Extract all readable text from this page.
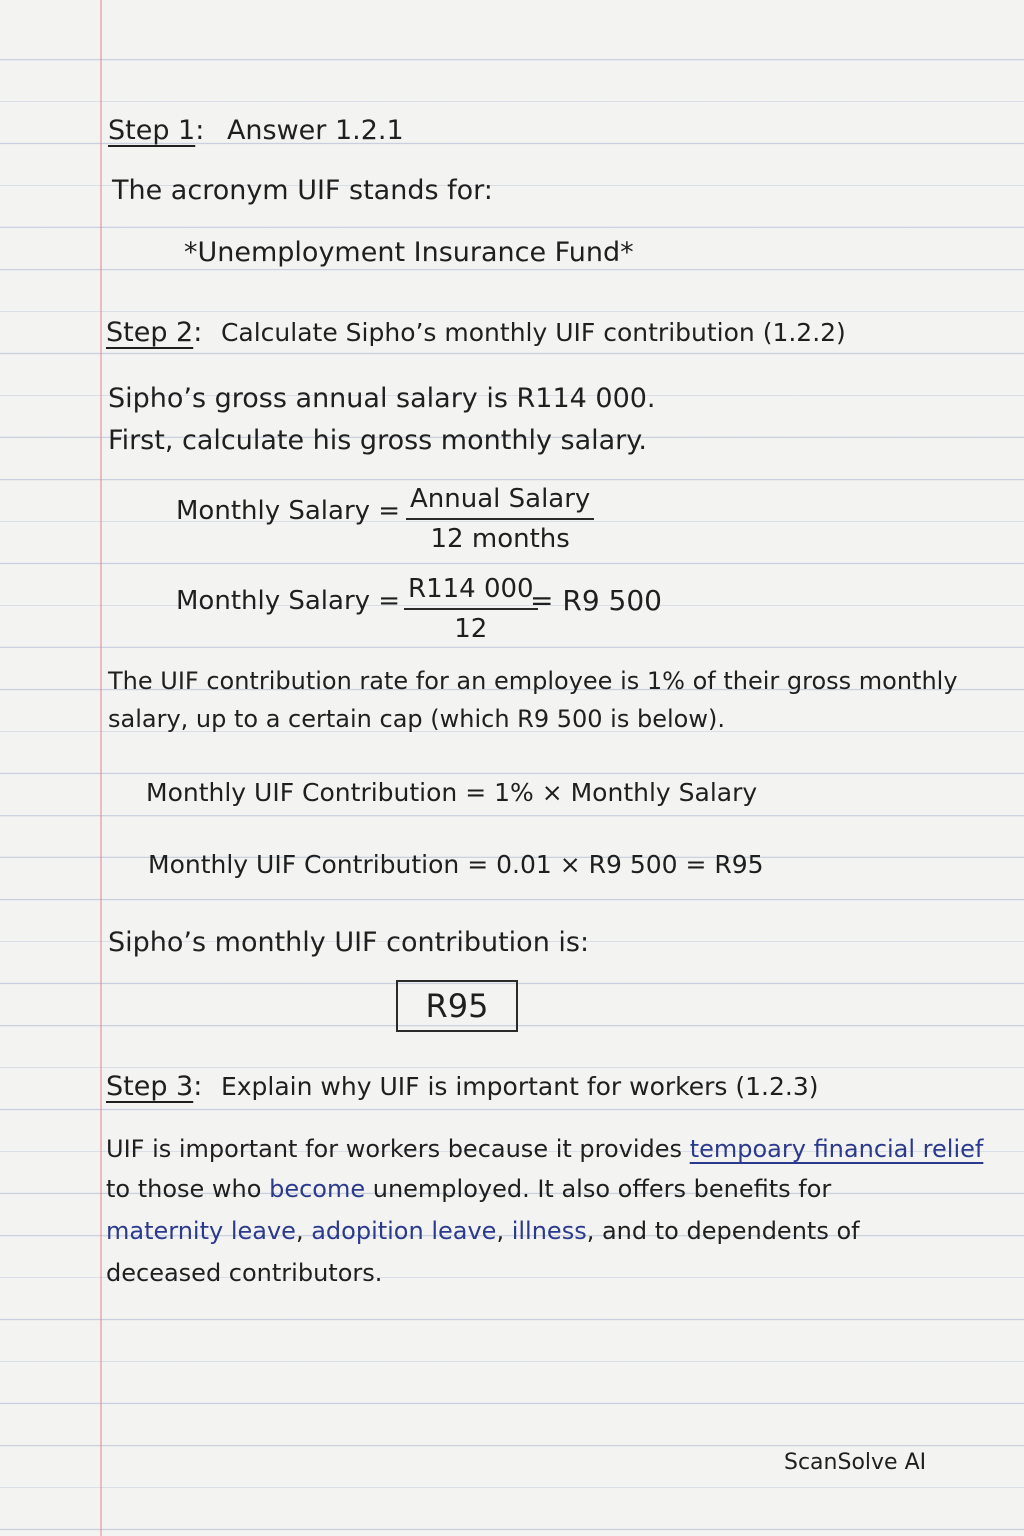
Step 1: Answer 1.2.1
The acronym UIF stands for:
*Unemployment Insurance Fund*
Step 2: Calculate Sipho’s monthly UIF contribution (1.2.2)
Sipho’s gross annual salary is R114 000.
First, calculate his gross monthly salary.
Monthly Salary = Annual Salary
12 months
Monthly Salary = $\frac{R114 000}{12}$
= R9 500
The UIF contribution rate for an employee is 1% of their gross monthly
salary, up to a certain cap (which R9 500 is below).
Monthly UIF Contribution = 1% × Monthly Salary
Monthly UIF Contribution = 0.01 × R9 500 = R95
Sipho’s monthly UIF contribution is:
R95
Step 3: Explain why UIF is important for workers (1.2.3)
UIF is important for workers because it provides tempoary financial relief
to those who become unemployed. It also offers benefits for
maternity leave, adopition leave, illness, and to dependents of
deceased contributors.
ScanSolve AI
